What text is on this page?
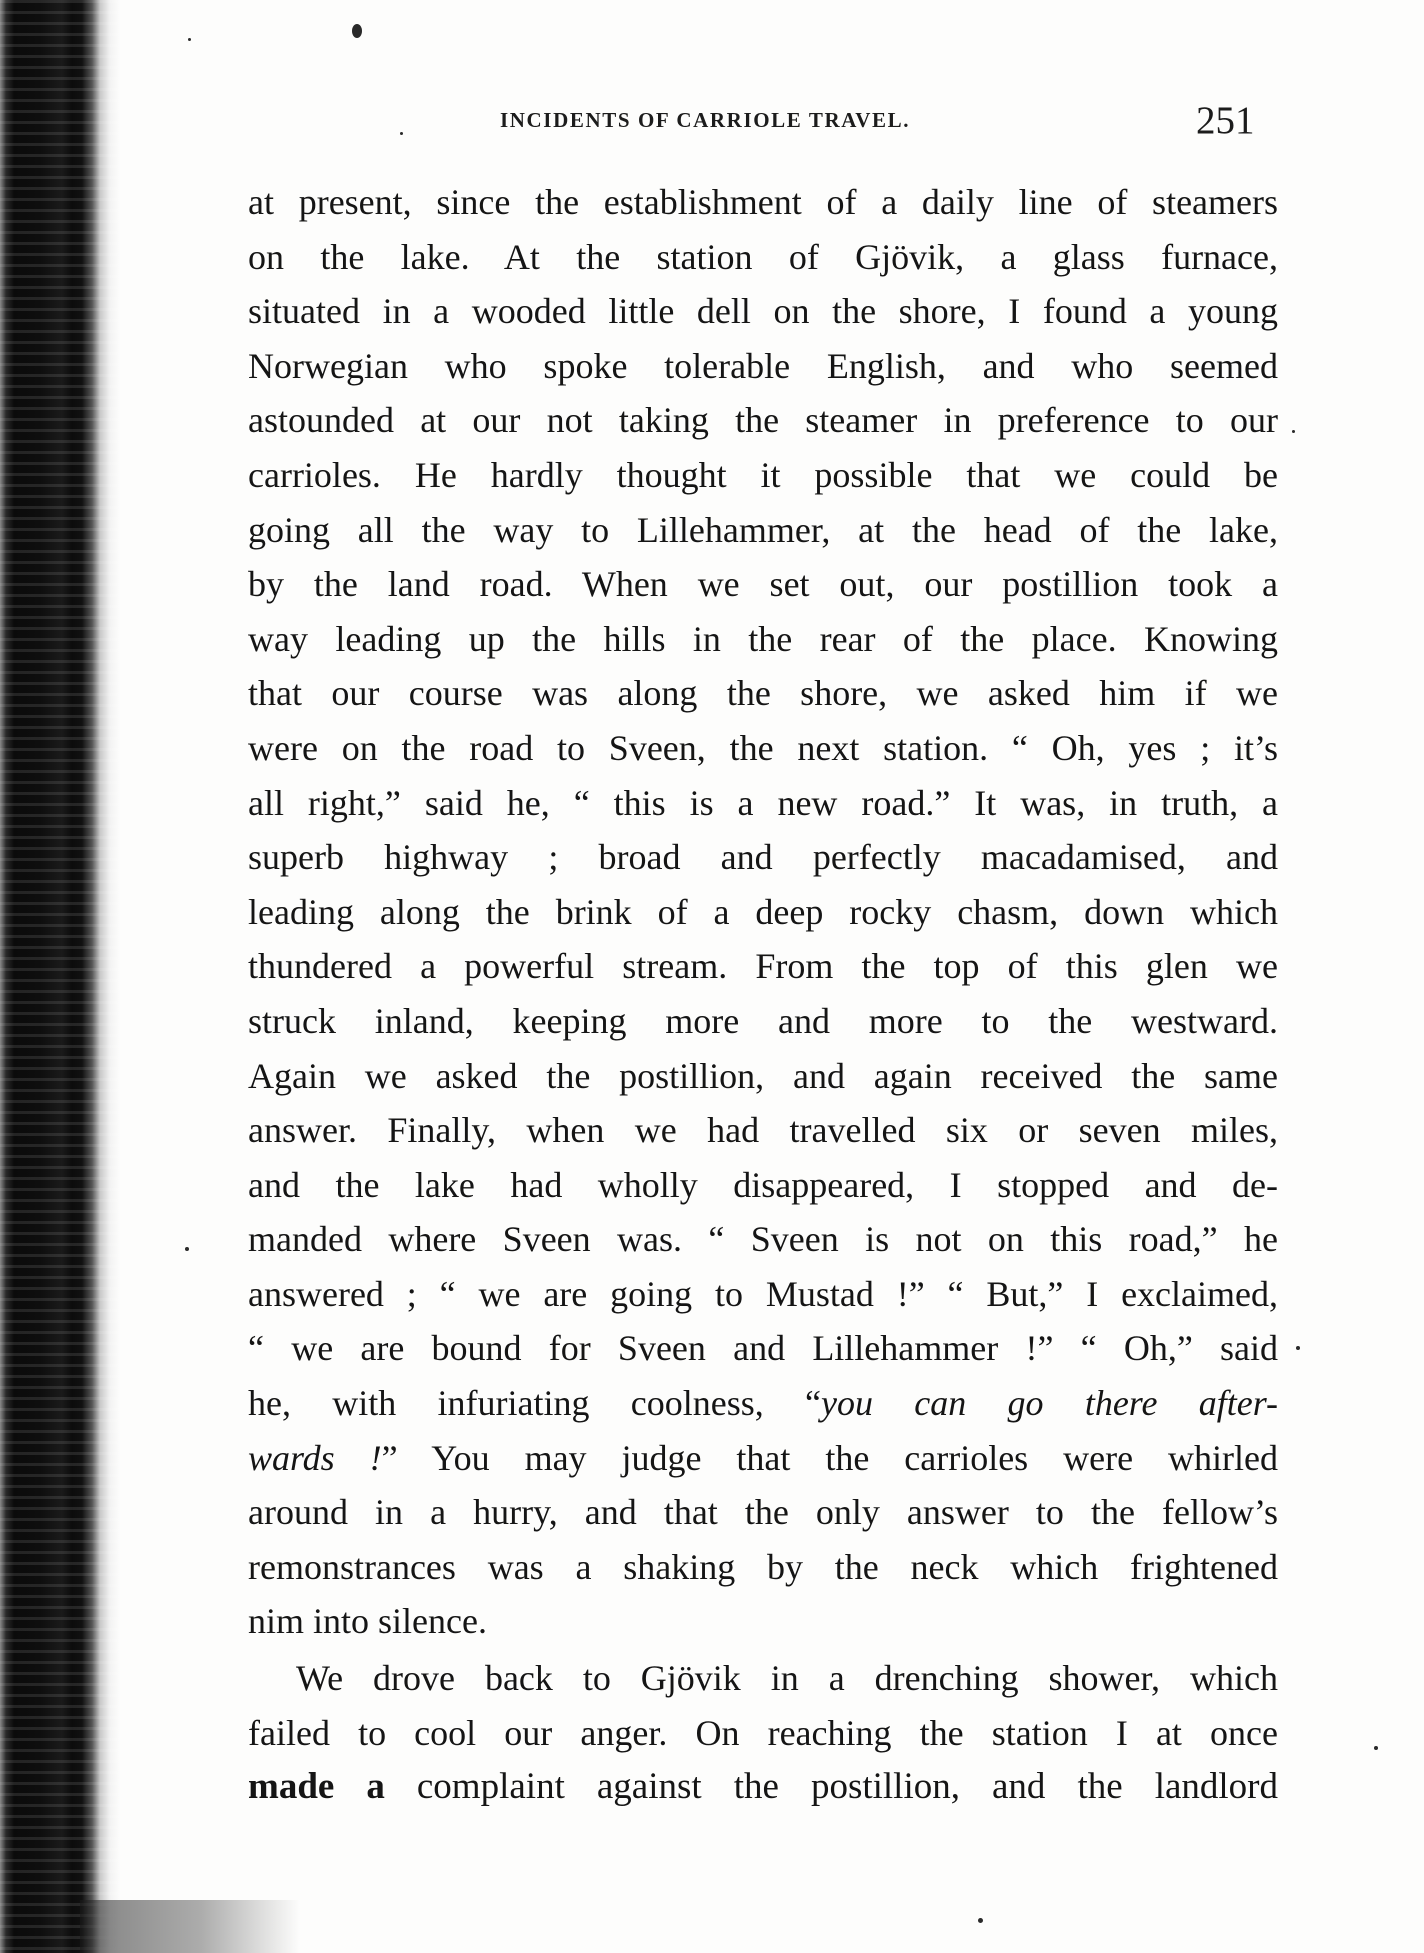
INCIDENTS OF CARRIOLE TRAVEL.	251
at present, since the establishment of a daily line of steamers
on the lake. At the station of Gjövik, a glass furnace,
situated in a wooded little dell on the shore, I found a young
Norwegian who spoke tolerable English, and who seemed
astounded at our not taking the steamer in preference to our
carrioles. He hardly thought it possible that we could be
going all the way to Lillehammer, at the head of the lake,
by the land road. When we set out, our postillion took a
way leading up the hills in the rear of the place. Knowing
that our course was along the shore, we asked him if we
were on the road to Sveen, the next station. “ Oh, yes ; it’s
all right,” said he, “ this is a new road.” It was, in truth, a
superb highway ; broad and perfectly macadamised, and
leading along the brink of a deep rocky chasm, down which
thundered a powerful stream. From the top of this glen we
struck inland, keeping more and more to the westward.
Again we asked the postillion, and again received the same
answer. Finally, when we had travelled six or seven miles,
and the lake had wholly disappeared, I stopped and de-
manded where Sveen was. “ Sveen is not on this road,” he
answered ; “ we are going to Mustad !” “ But,” I exclaimed,
“ we are bound for Sveen and Lillehammer !” “ Oh,” said
he, with infuriating coolness, “you can go there after-
wards !” You may judge that the carrioles were whirled
around in a hurry, and that the only answer to the fellow’s
remonstrances was a shaking by the neck which frightened
nim into silence.
We drove back to Gjövik in a drenching shower, which
failed to cool our anger. On reaching the station I at once
made a complaint against the postillion, and the landlord
